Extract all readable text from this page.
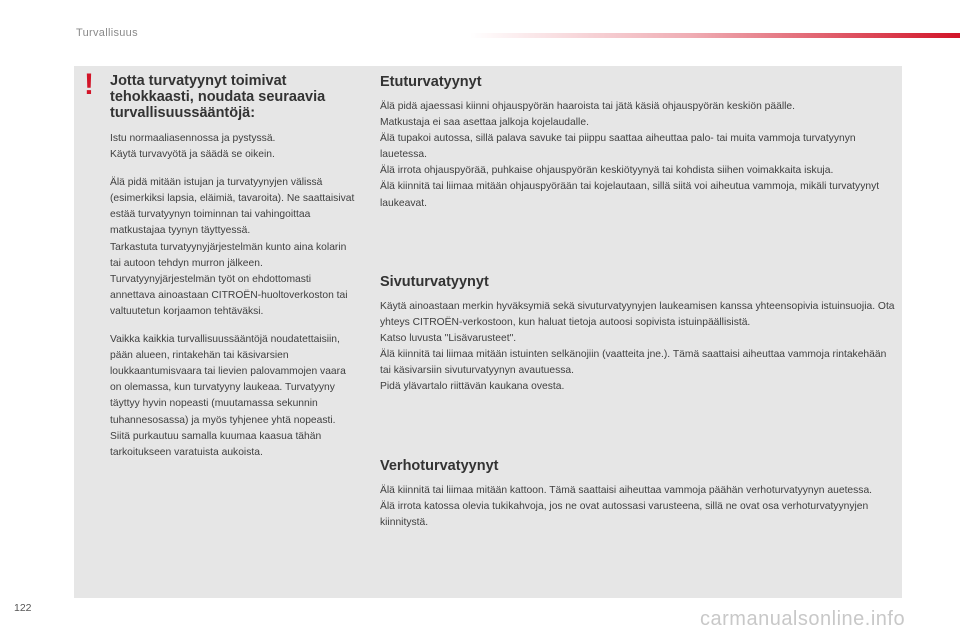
Turvallisuus
! Jotta turvatyynyt toimivat tehokkaasti, noudata seuraavia turvallisuussääntöjä:

Istu normaaliasennossa ja pystyssä.
Käytä turvavyötä ja säädä se oikein.

Älä pidä mitään istujan ja turvatyynyjen välissä (esimerkiksi lapsia, eläimiä, tavaroita). Ne saattaisivat estää turvatyynyn toiminnan tai vahingoittaa matkustajaa tyynyn täyttyessä.
Tarkastuta turvatyynyjärjestelmän kunto aina kolarin tai autoon tehdyn murron jälkeen.
Turvatyynyjärjestelmän työt on ehdottomasti annettava ainoastaan CITROËN-huoltoverkoston tai valtuutetun korjaamon tehtäväksi.

Vaikka kaikkia turvallisuussääntöjä noudatettaisiin, pään alueen, rintakehän tai käsivarsien loukkaantumisvaara tai lievien palovammojen vaara on olemassa, kun turvatyyny laukeaa. Turvatyyny täyttyy hyvin nopeasti (muutamassa sekunnin tuhannesosassa) ja myös tyhjenee yhtä nopeasti. Siitä purkautuu samalla kuumaa kaasua tähän tarkoitukseen varatuista aukoista.

Etuturvatyynyt

Älä pidä ajaessasi kiinni ohjauspyörän haaroista tai jätä käsiä ohjauspyörän keskiön päälle.
Matkustaja ei saa asettaa jalkoja kojelaudalle.
Älä tupakoi autossa, sillä palava savuke tai piippu saattaa aiheuttaa palo- tai muita vammoja turvatyynyn lauetessa.
Älä irrota ohjauspyörää, puhkaise ohjauspyörän keskiötyynyä tai kohdista siihen voimakkaita iskuja.
Älä kiinnitä tai liimaa mitään ohjauspyörään tai kojelautaan, sillä siitä voi aiheutua vammoja, mikäli turvatyynyt laukeavat.

Sivuturvatyynyt

Käytä ainoastaan merkin hyväksymiä sekä sivuturvatyynyjen laukeamisen kanssa yhteensopivia istuinsuojia. Ota yhteys CITROËN-verkostoon, kun haluat tietoja autoosi sopivista istuinpäällisistä.
Katso luvusta "Lisävarusteet".
Älä kiinnitä tai liimaa mitään istuinten selkänojiin (vaatteita jne.). Tämä saattaisi aiheuttaa vammoja rintakehään tai käsivarsiin sivuturvatyynyn avautuessa.
Pidä ylävartalo riittävän kaukana ovesta.

Verhoturvatyynyt

Älä kiinnitä tai liimaa mitään kattoon. Tämä saattaisi aiheuttaa vammoja päähän verhoturvatyynyn auetessa.
Älä irrota katossa olevia tukikahvoja, jos ne ovat autossasi varusteena, sillä ne ovat osa verhoturvatyynyjen kiinnitystä.

122	carmanualsonline.info
